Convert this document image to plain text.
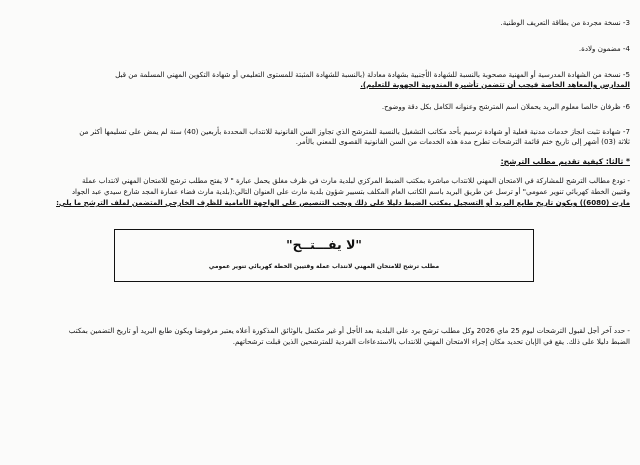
3- نسخة مجردة من بطاقة التعريف الوطنية.
4- مضمون ولادة.
5- نسخة من الشهادة المدرسية أو المهنية مصحوبة بالنسبة للشهادة الأجنبية بشهادة معادلة (بالنسبة للشهادة المثبتة للمستوى التعليمي أو شهادة التكوين المهني المسلمة من قبل
المدارس والمعاهد الخاصة فيجب أن تتضمن تأشيرة المندوبية الجهوية للتعليم).
6- ظرفان خالصا معلوم البريد يحملان اسم المترشح وعنوانه الكامل بكل دقة ووضوح.
7- شهادة تثبت انجاز خدمات مدنية فعلية أو شهادة ترسيم بأحد مكاتب التشغيل بالنسبة للمترشح الذي تجاوز السن القانونية للانتداب المحددة بأربعين (40) سنة لم يمض على تسليمها أكثر من
ثلاثة (03) أشهر إلى تاريخ ختم قائمة الترشحات تطرح مدة هذه الخدمات من السن القانونية القصوى للمعني بالأمر.
* ثالثا: كيفية تقديم مطلب الترشح:
- تودع مطالب الترشح للمشاركة في الامتحان المهني للانتداب مباشرة بمكتب الضبط المركزي لبلدية مارث في ظرف مغلق يحمل عبارة " لا يفتح مطلب ترشح للامتحان المهني لانتداب عملة
وقتيين الخطة كهربائي تنوير عمومي" أو ترسل عن طريق البريد باسم الكاتب العام المكلف بتسيير شؤون بلدية مارث على العنوان التالي:(بلدية مارث فضاء عمارة المجد شارع سيدي عبد الجواد
مارث (6080)) ويكون تاريخ طابع البريد أو التسجيل بمكتب الضبط دليلا على ذلك ويجب التنصيص على الواجهة الأمامية للظرف الخارجي المتضمن لملف الترشح ما يلي:
"لا يفـــتــح"
مطلب ترشح للامتحان المهني لانتداب عملة وقتيين الخطة كهربائي تنوير عمومي
- حدد آخر أجل لقبول الترشحات ليوم 25 ماي 2026 وكل مطلب ترشح يرد على البلدية بعد الأجل أو غير مكتمل بالوثائق المذكورة أعلاه يعتبر مرفوضا ويكون طابع البريد أو تاريخ التضمين بمكتب
الضبط دليلا على ذلك. يقع في الإبان تحديد مكان إجراء الامتحان المهني للانتداب بالاستدعاءات الفردية للمترشحين الذين قبلت ترشحاتهم.
